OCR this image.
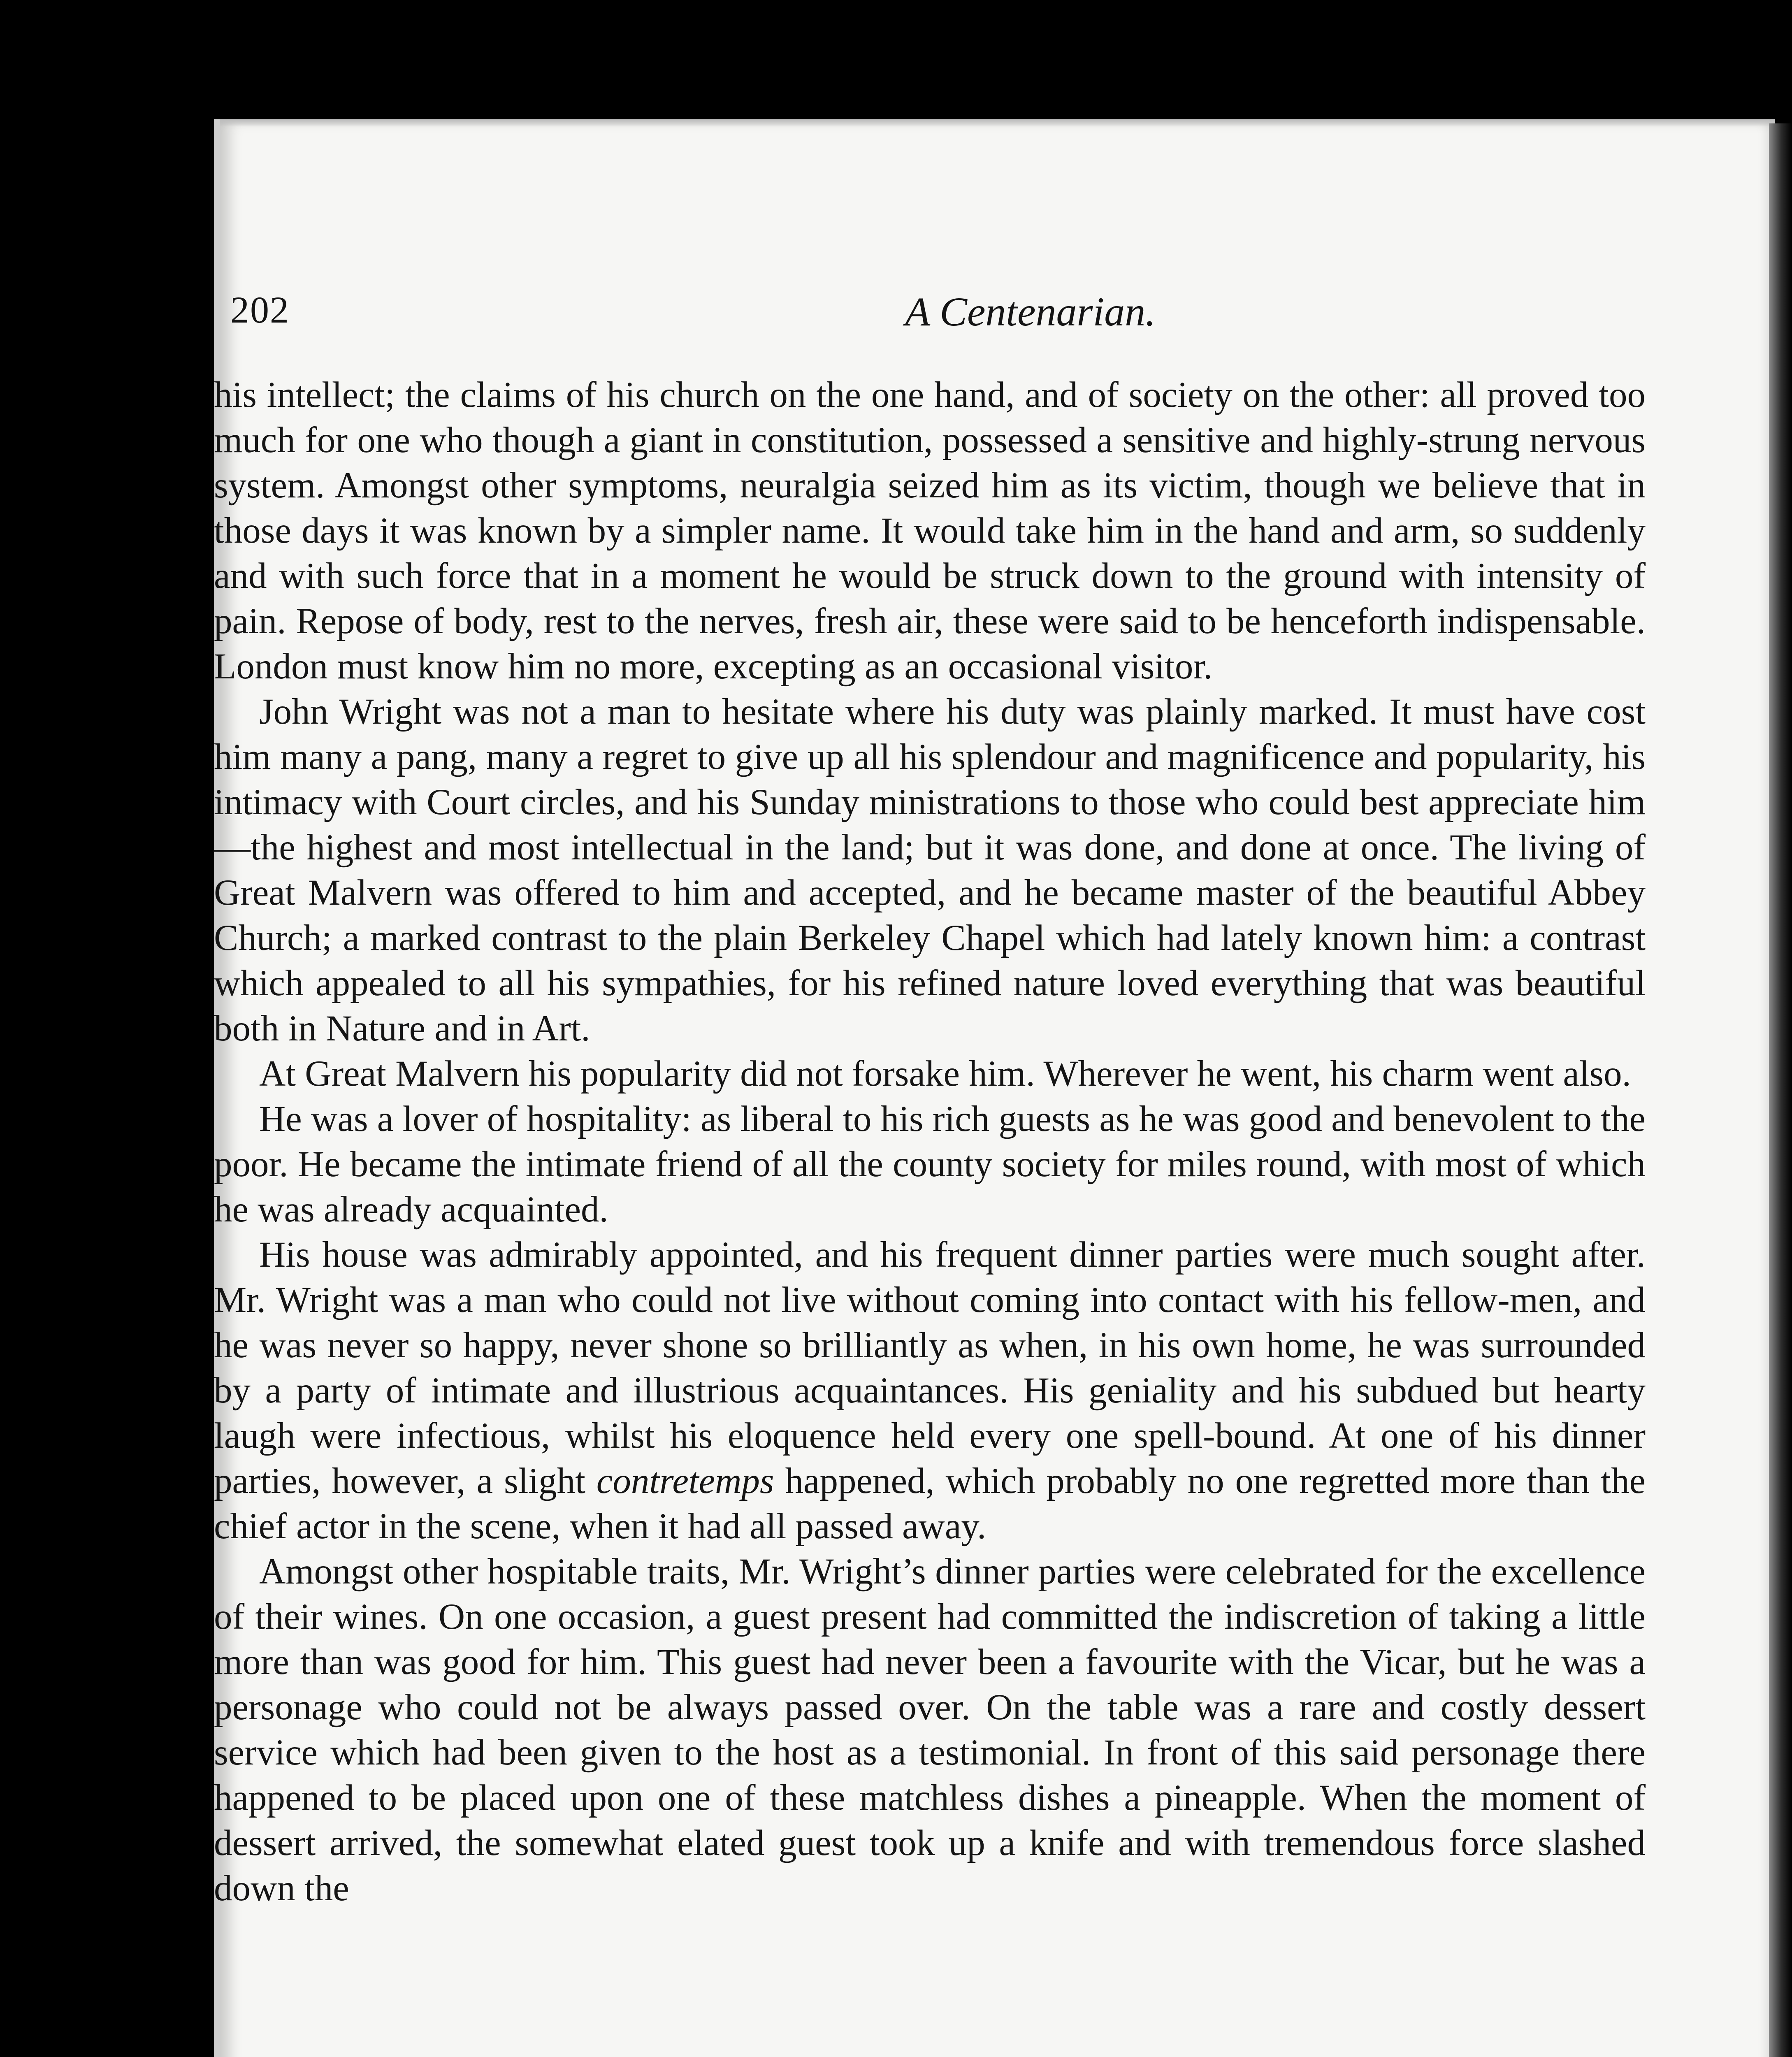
202	A Centenarian.

his intellect; the claims of his church on the one hand, and of society on the other: all proved too much for one who though a giant in constitution, possessed a sensitive and highly-strung nervous system. Amongst other symptoms, neuralgia seized him as its victim, though we believe that in those days it was known by a simpler name. It would take him in the hand and arm, so suddenly and with such force that in a moment he would be struck down to the ground with intensity of pain. Repose of body, rest to the nerves, fresh air, these were said to be henceforth indispensable. London must know him no more, excepting as an occasional visitor.

John Wright was not a man to hesitate where his duty was plainly marked. It must have cost him many a pang, many a regret to give up all his splendour and magnificence and popularity, his intimacy with Court circles, and his Sunday ministrations to those who could best appreciate him—the highest and most intellectual in the land; but it was done, and done at once. The living of Great Malvern was offered to him and accepted, and he became master of the beautiful Abbey Church; a marked contrast to the plain Berkeley Chapel which had lately known him: a contrast which appealed to all his sympathies, for his refined nature loved everything that was beautiful both in Nature and in Art.

At Great Malvern his popularity did not forsake him. Wherever he went, his charm went also.

He was a lover of hospitality: as liberal to his rich guests as he was good and benevolent to the poor. He became the intimate friend of all the county society for miles round, with most of which he was already acquainted.

His house was admirably appointed, and his frequent dinner parties were much sought after. Mr. Wright was a man who could not live without coming into contact with his fellow-men, and he was never so happy, never shone so brilliantly as when, in his own home, he was surrounded by a party of intimate and illustrious acquaintances. His geniality and his subdued but hearty laugh were infectious, whilst his eloquence held every one spell-bound. At one of his dinner parties, however, a slight contretemps happened, which probably no one regretted more than the chief actor in the scene, when it had all passed away.

Amongst other hospitable traits, Mr. Wright’s dinner parties were celebrated for the excellence of their wines. On one occasion, a guest present had committed the indiscretion of taking a little more than was good for him. This guest had never been a favourite with the Vicar, but he was a personage who could not be always passed over. On the table was a rare and costly dessert service which had been given to the host as a testimonial. In front of this said personage there happened to be placed upon one of these matchless dishes a pineapple. When the moment of dessert arrived, the somewhat elated guest took up a knife and with tremendous force slashed down the
